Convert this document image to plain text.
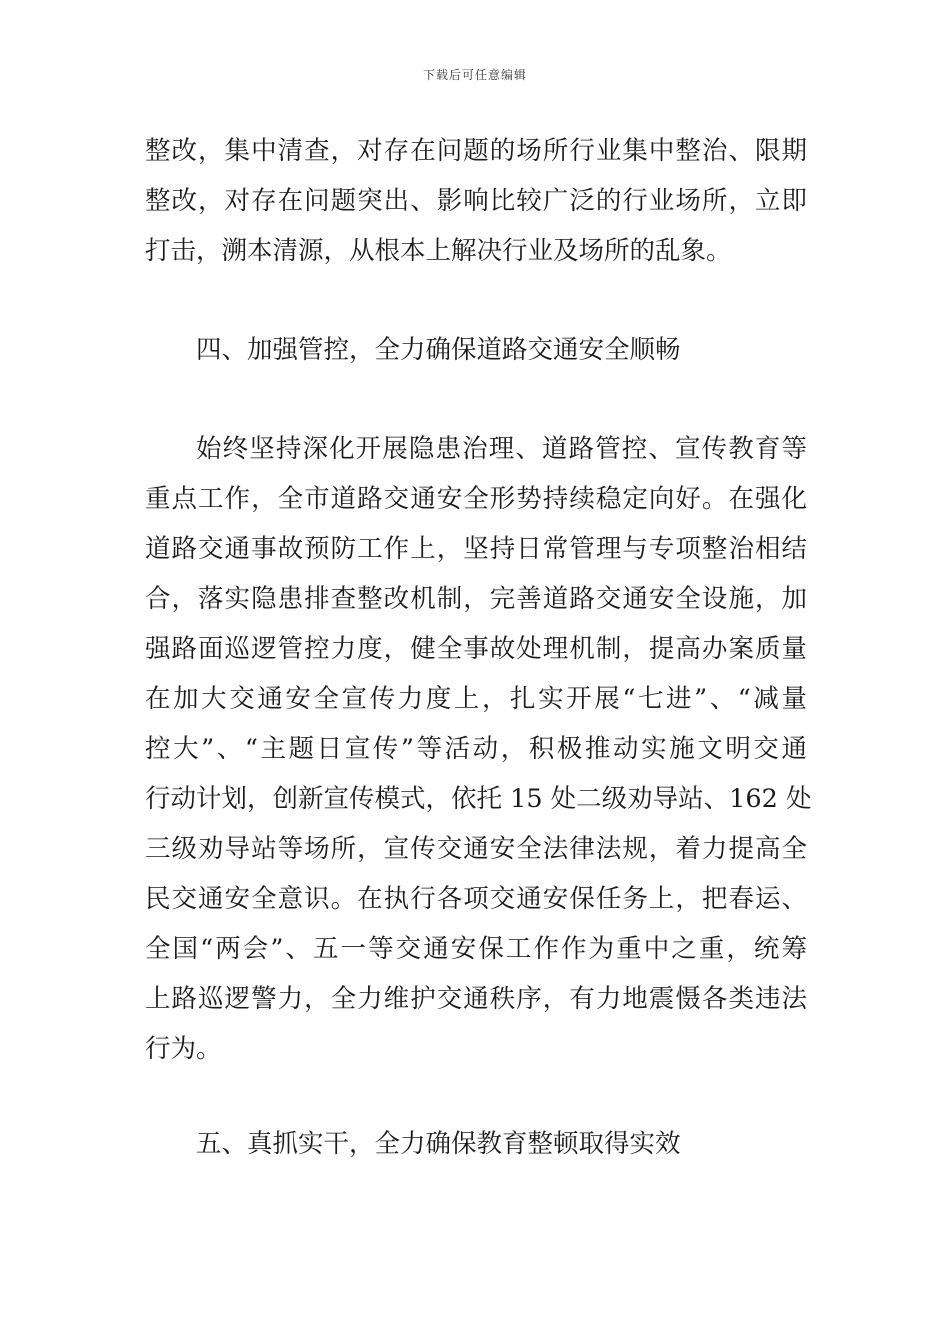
下载后可任意编辑

整改，集中清查，对存在问题的场所行业集中整治、限期
整改，对存在问题突出、影响比较广泛的行业场所，立即
打击，溯本清源，从根本上解决行业及场所的乱象。

四、加强管控，全力确保道路交通安全顺畅

始终坚持深化开展隐患治理、道路管控、宣传教育等
重点工作，全市道路交通安全形势持续稳定向好。在强化
道路交通事故预防工作上，坚持日常管理与专项整治相结
合，落实隐患排查整改机制，完善道路交通安全设施，加
强路面巡逻管控力度，健全事故处理机制，提高办案质量
在加大交通安全宣传力度上，扎实开展“七进”、“减量
控大”、“主题日宣传”等活动，积极推动实施文明交通
行动计划，创新宣传模式，依托 15 处二级劝导站、162 处
三级劝导站等场所，宣传交通安全法律法规，着力提高全
民交通安全意识。在执行各项交通安保任务上，把春运、
全国“两会”、五一等交通安保工作作为重中之重，统筹
上路巡逻警力，全力维护交通秩序，有力地震慑各类违法
行为。

五、真抓实干，全力确保教育整顿取得实效
